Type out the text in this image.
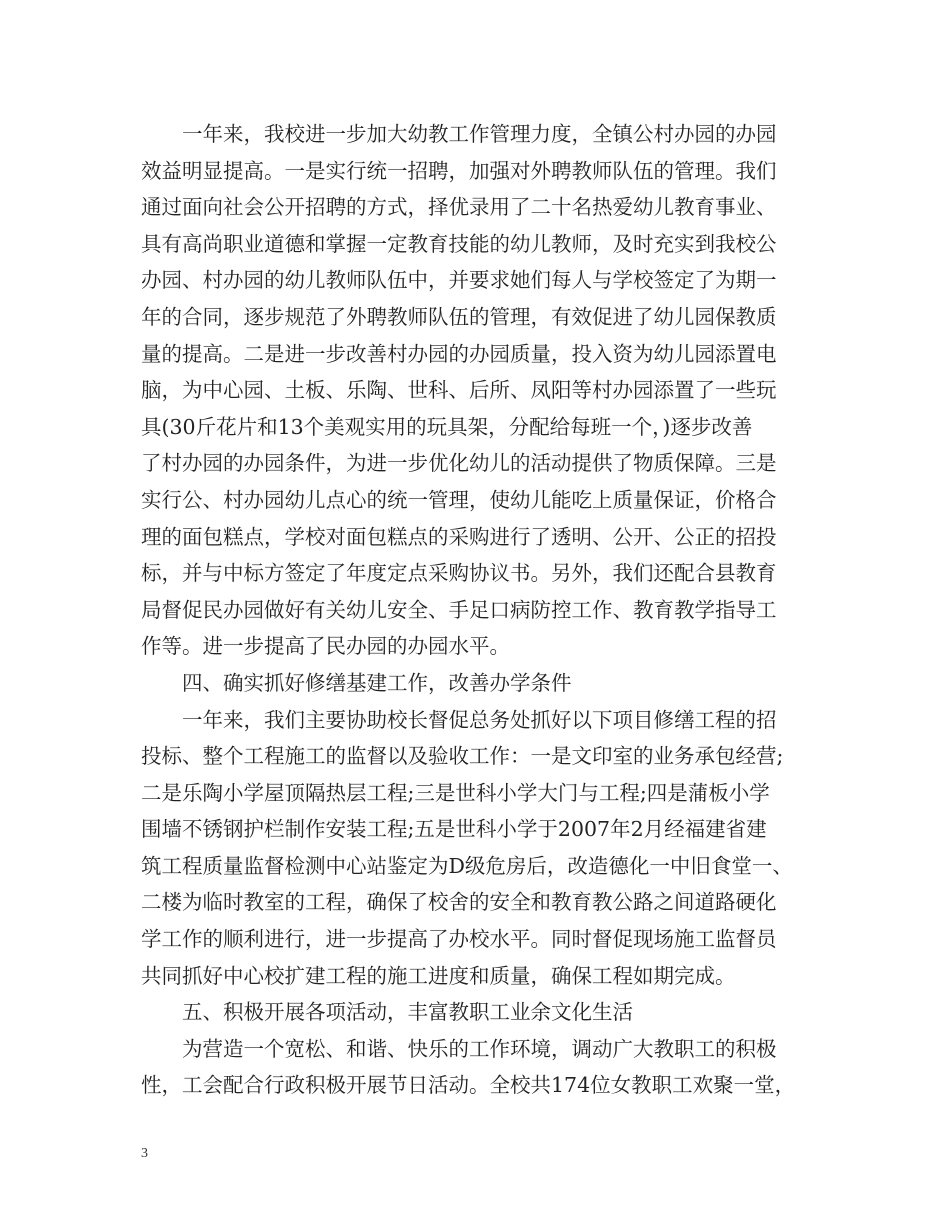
　　一年来，我校进一步加大幼教工作管理力度，全镇公村办园的办园
效益明显提高。一是实行统一招聘，加强对外聘教师队伍的管理。我们
通过面向社会公开招聘的方式，择优录用了二十名热爱幼儿教育事业、
具有高尚职业道德和掌握一定教育技能的幼儿教师，及时充实到我校公
办园、村办园的幼儿教师队伍中，并要求她们每人与学校签定了为期一
年的合同，逐步规范了外聘教师队伍的管理，有效促进了幼儿园保教质
量的提高。二是进一步改善村办园的办园质量，投入资为幼儿园添置电
脑，为中心园、土板、乐陶、世科、后所、凤阳等村办园添置了一些玩
具(30斤花片和13个美观实用的玩具架，分配给每班一个，)逐步改善
了村办园的办园条件，为进一步优化幼儿的活动提供了物质保障。三是
实行公、村办园幼儿点心的统一管理，使幼儿能吃上质量保证，价格合
理的面包糕点，学校对面包糕点的采购进行了透明、公开、公正的招投
标，并与中标方签定了年度定点采购协议书。另外，我们还配合县教育
局督促民办园做好有关幼儿安全、手足口病防控工作、教育教学指导工
作等。进一步提高了民办园的办园水平。
　　四、确实抓好修缮基建工作，改善办学条件
　　一年来，我们主要协助校长督促总务处抓好以下项目修缮工程的招
投标、整个工程施工的监督以及验收工作：一是文印室的业务承包经营;
二是乐陶小学屋顶隔热层工程;三是世科小学大门与工程;四是蒲板小学
围墙不锈钢护栏制作安装工程;五是世科小学于2007年2月经福建省建
筑工程质量监督检测中心站鉴定为D级危房后，改造德化一中旧食堂一、
二楼为临时教室的工程，确保了校舍的安全和教育教公路之间道路硬化
学工作的顺利进行，进一步提高了办校水平。同时督促现场施工监督员
共同抓好中心校扩建工程的施工进度和质量，确保工程如期完成。
　　五、积极开展各项活动，丰富教职工业余文化生活
　　为营造一个宽松、和谐、快乐的工作环境，调动广大教职工的积极
性，工会配合行政积极开展节日活动。全校共174位女教职工欢聚一堂，
3
